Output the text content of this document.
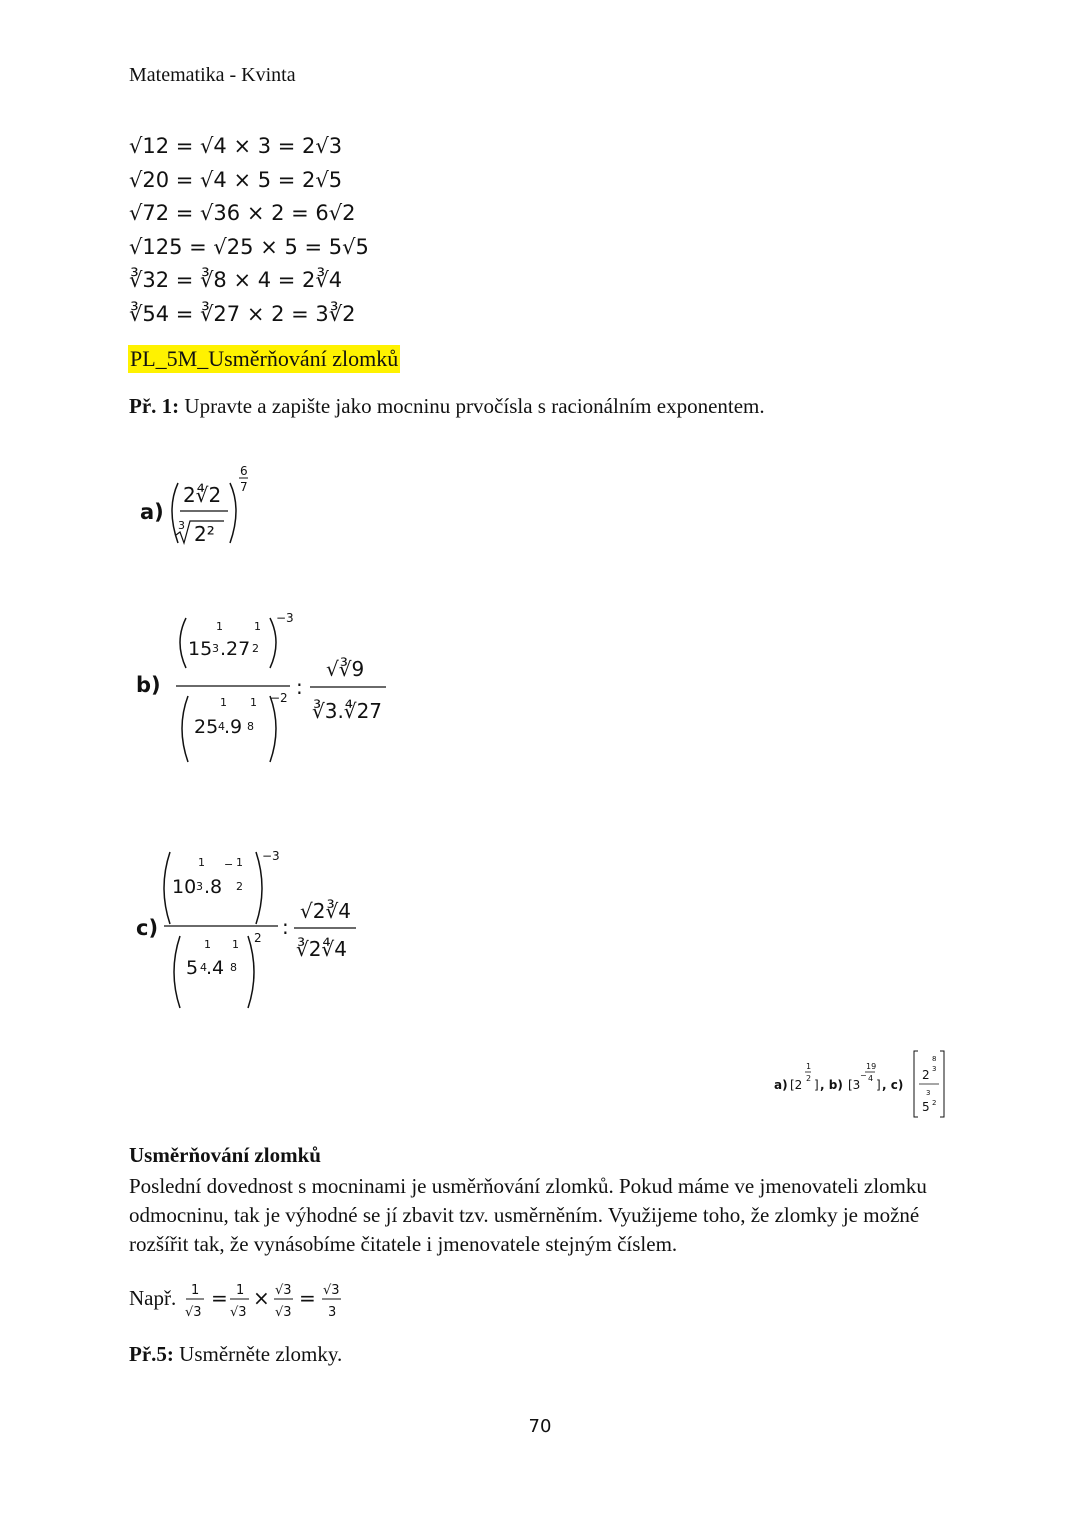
Matematika - Kvinta
√12 = √4 × 3 = 2√3
√20 = √4 × 5 = 2√5
√72 = √36 × 2 = 6√2
√125 = √25 × 5 = 5√5
∛32 = ∛8 × 4 = 2∛4
∛54 = ∛27 × 2 = 3∛2
PL_5M_Usměrňování zlomků
Př. 1: Upravte a zapište jako mocninu prvočísla s racionálním exponentem.
a)
2∜2
3 2²
6
7
b)
1	1
15 3 .27 2
−3
1 1
25 4 .9 8
−2 :
√∛9
∛3.∜27
c)
1	1
−
10 3 .8 2
−3
1 1
5 4 .4 8
2 :
√2∛4
∛2∜4
a) [2
1
2 ] , b) [3
−
19
4 ] , c)
2
8
3
3
5 2
Usměrňování zlomků
Poslední dovednost s mocninami je usměrňování zlomků. Pokud máme ve jmenovateli zlomku odmocninu, tak je výhodné se jí zbavit tzv. usměrněním. Využijeme toho, že zlomky je možné rozšířit tak, že vynásobíme čitatele i jmenovatele stejným číslem.
Např. 1
√3
= 1
√3
× √3
√3
= √3
3
Př.5: Usměrněte zlomky.
70
